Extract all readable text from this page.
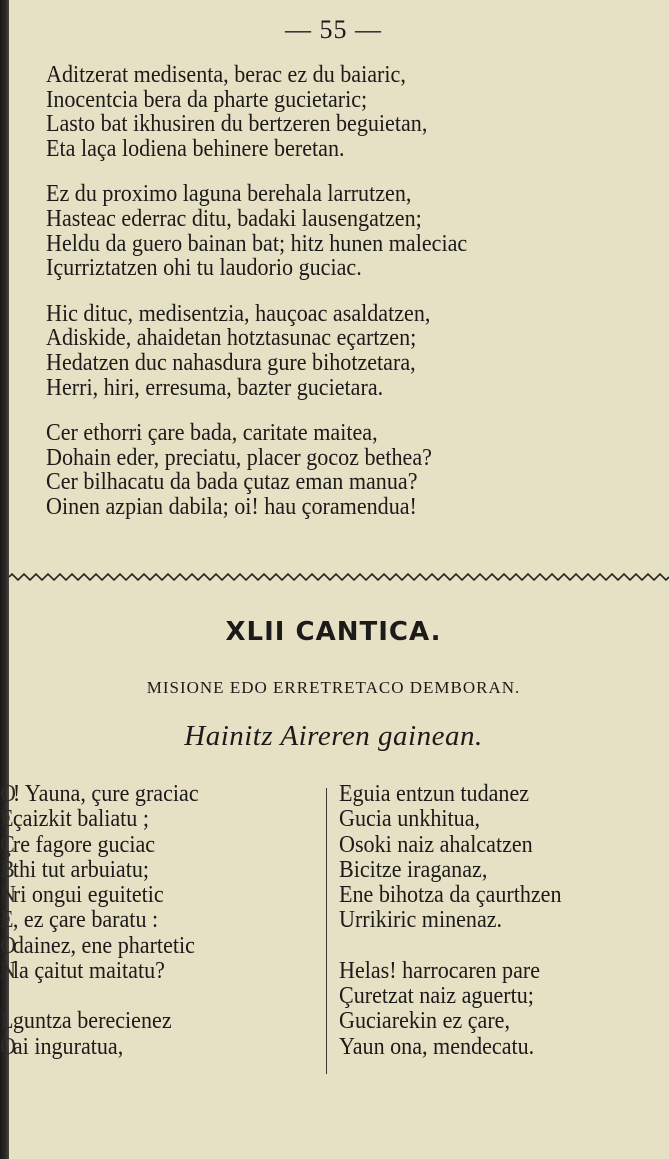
— 55 —
Aditzerat medisenta, berac ez du baiaric,
Inocentcia bera da pharte gucietaric;
Lasto bat ikhusiren du bertzeren beguietan,
Eta laça lodiena behinere beretan.
Ez du proximo laguna berehala larrutzen,
Hasteac ederrac ditu, badaki lausengatzen;
Heldu da guero bainan bat; hitz hunen maleciac
Içurriztatzen ohi tu laudorio guciac.
Hic dituc, medisentzia, hauçoac asaldatzen,
Adiskide, ahaidetan hotztasunac eçartzen;
Hedatzen duc nahasdura gure bihotzetara,
Herri, hiri, erresuma, bazter gucietara.
Cer ethorri çare bada, caritate maitea,
Dohain eder, preciatu, placer gocoz bethea?
Cer bilhacatu da bada çutaz eman manua?
Oinen azpian dabila; oi! hau çoramendua!
XLII CANTICA.
MISIONE EDO ERRETRETACO DEMBORAN.
Hainitz Aireren gainean.
O! Yauna, çure graciac
Eçaizkit baliatu ;
Çre fagore guciac
Bthi tut arbuiatu;
Nri ongui eguitetic
E, ez çare baratu :
Odainez, ene phartetic
Nla çaitut maitatu?
Lguntza berecienez
Oai inguratua,
Eguia entzun tudanez
Gucia unkhitua,
Osoki naiz ahalcatzen
Bicitze iraganaz,
Ene bihotza da çaurthzen
Urrikiric minenaz.
Helas! harrocaren pare
Çuretzat naiz aguertu;
Guciarekin ez çare,
Yaun ona, mendecatu.
